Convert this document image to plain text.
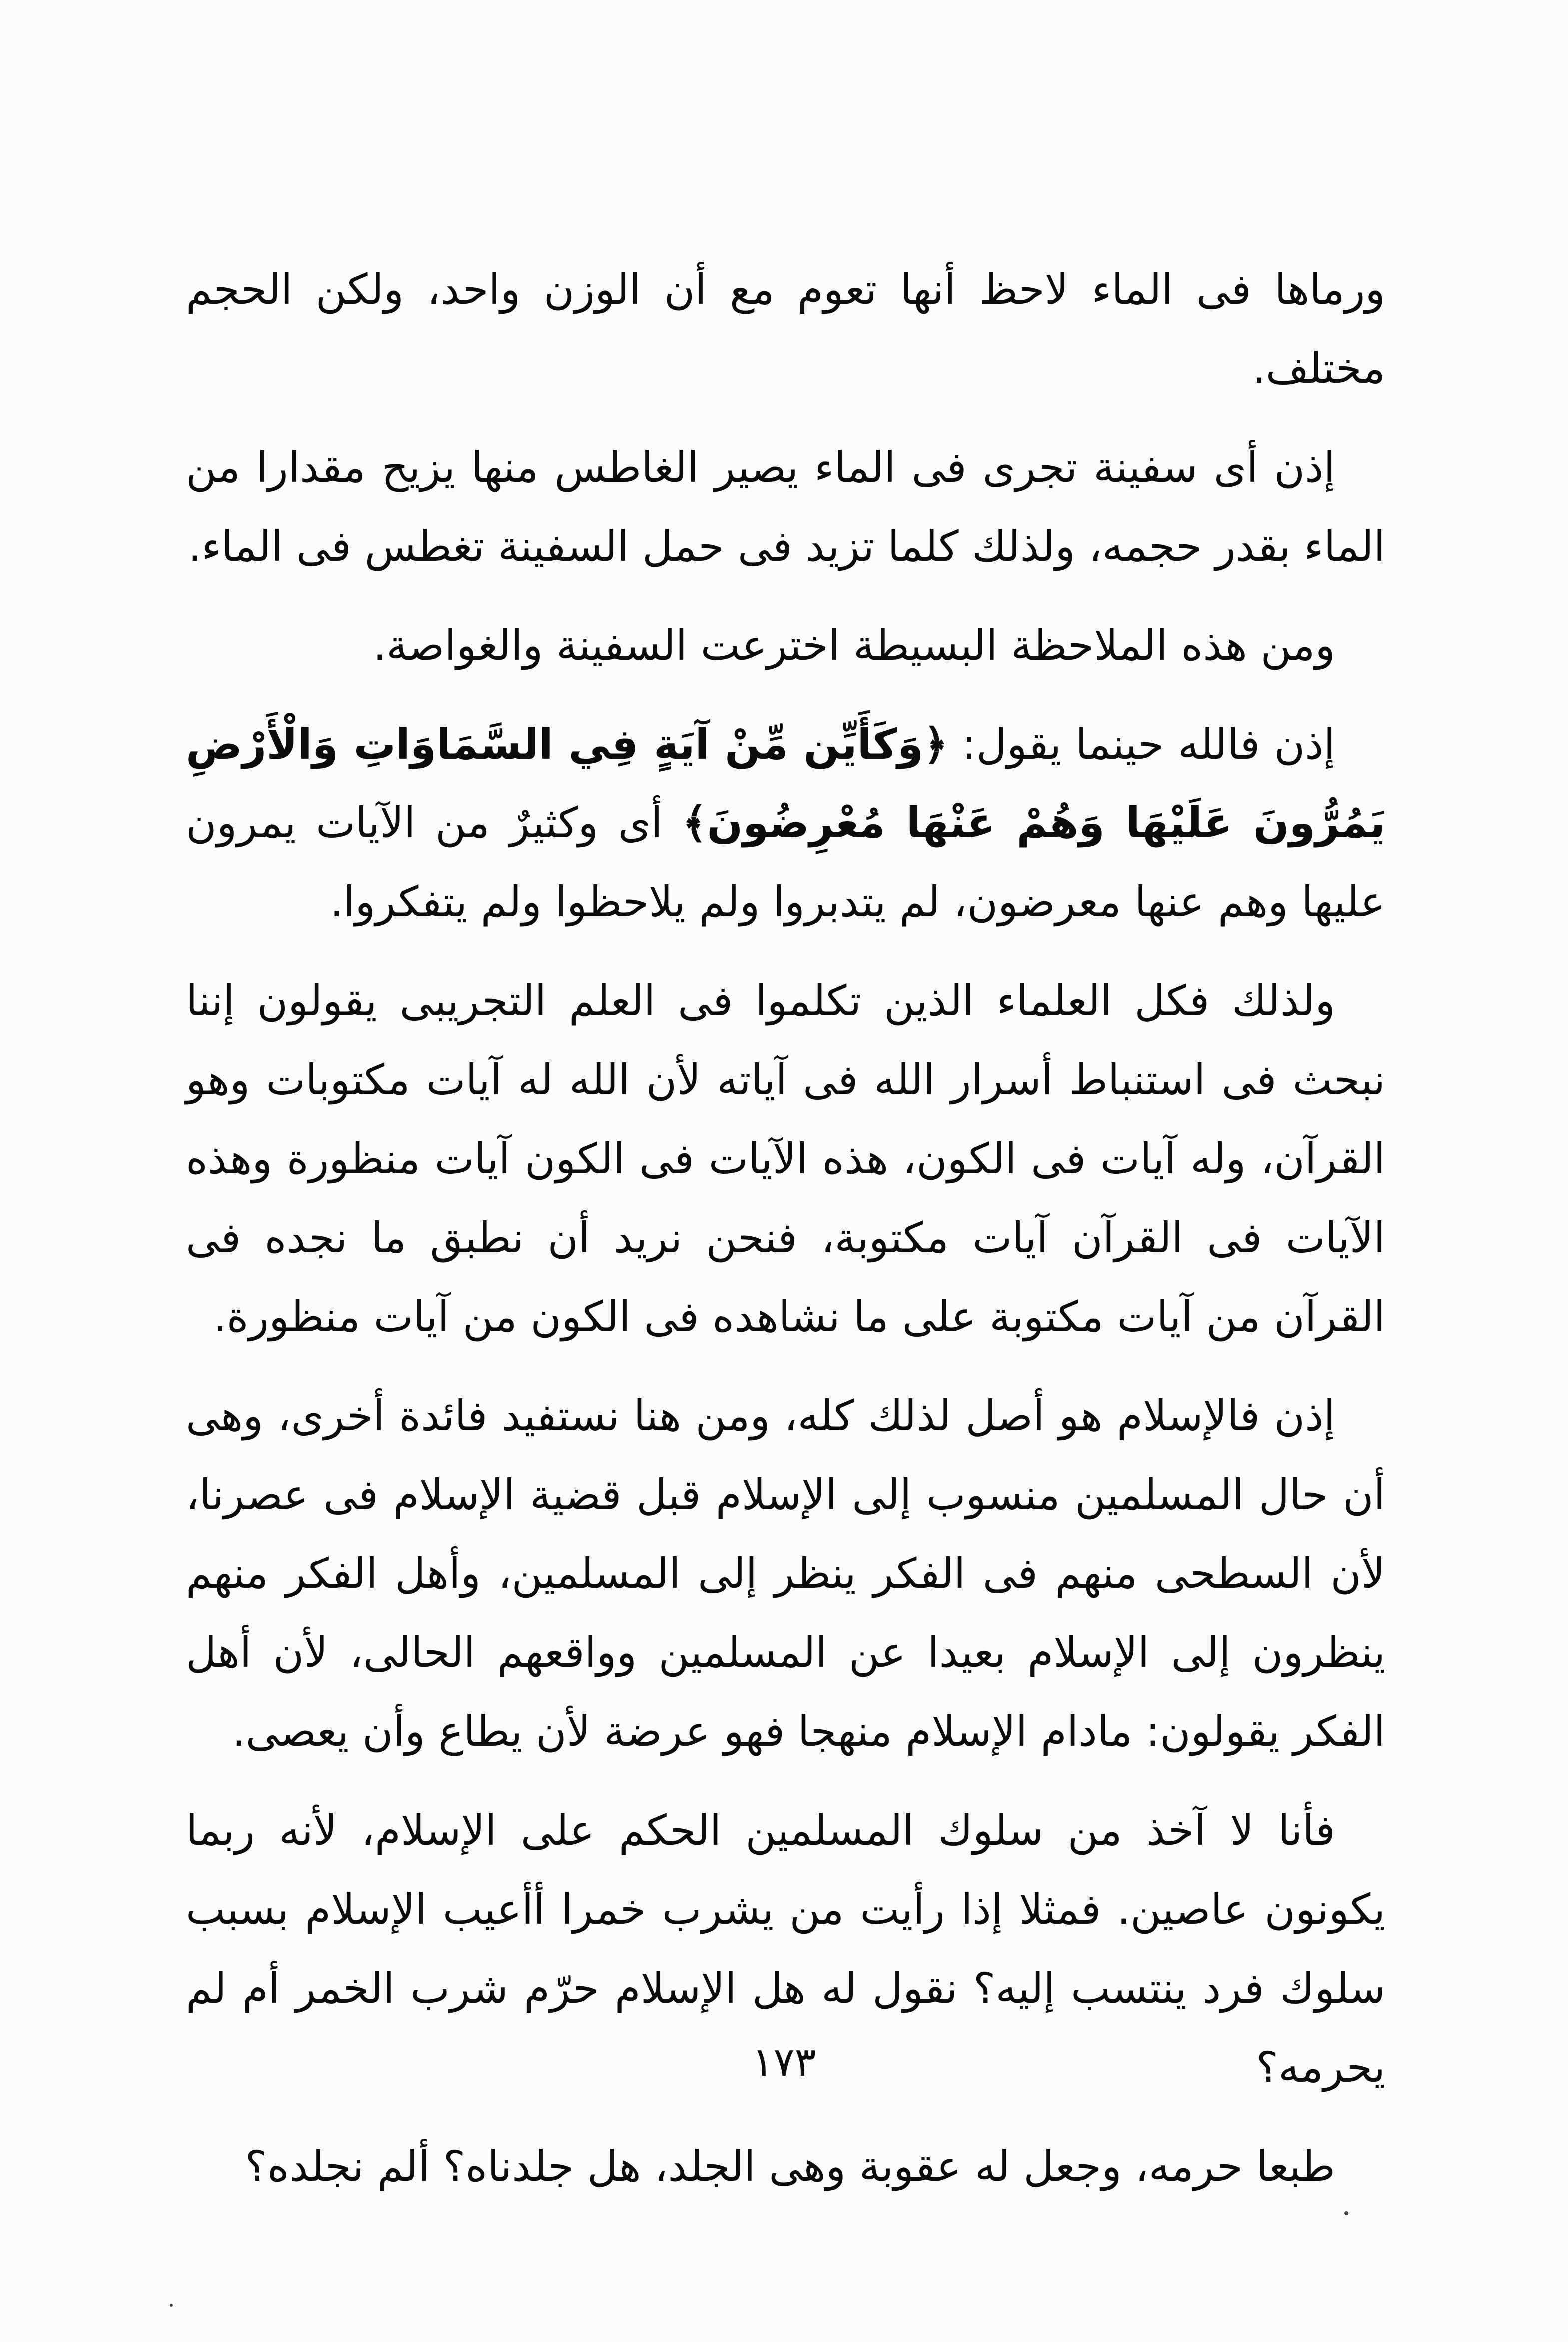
ورماها فى الماء لاحظ أنها تعوم مع أن الوزن واحد، ولكن الحجم مختلف.

إذن أى سفينة تجرى فى الماء يصير الغاطس منها يزيح مقدارا من الماء بقدر حجمه، ولذلك كلما تزيد فى حمل السفينة تغطس فى الماء.

ومن هذه الملاحظة البسيطة اخترعت السفينة والغواصة.

إذن فالله حينما يقول: ﴿وَكَأَيِّن مِّنْ آيَةٍ فِي السَّمَاوَاتِ وَالْأَرْضِ يَمُرُّونَ عَلَيْهَا وَهُمْ عَنْهَا مُعْرِضُونَ﴾ أى وكثيرٌ من الآيات يمرون عليها وهم عنها معرضون، لم يتدبروا ولم يلاحظوا ولم يتفكروا.

ولذلك فكل العلماء الذين تكلموا فى العلم التجريبى يقولون إننا نبحث فى استنباط أسرار الله فى آياته لأن الله له آيات مكتوبات وهو القرآن، وله آيات فى الكون، هذه الآيات فى الكون آيات منظورة وهذه الآيات فى القرآن آيات مكتوبة، فنحن نريد أن نطبق ما نجده فى القرآن من آيات مكتوبة على ما نشاهده فى الكون من آيات منظورة.

إذن فالإسلام هو أصل لذلك كله، ومن هنا نستفيد فائدة أخرى، وهى أن حال المسلمين منسوب إلى الإسلام قبل قضية الإسلام فى عصرنا، لأن السطحى منهم فى الفكر ينظر إلى المسلمين، وأهل الفكر منهم ينظرون إلى الإسلام بعيدا عن المسلمين وواقعهم الحالى، لأن أهل الفكر يقولون: مادام الإسلام منهجا فهو عرضة لأن يطاع وأن يعصى.

فأنا لا آخذ من سلوك المسلمين الحكم على الإسلام، لأنه ربما يكونون عاصين. فمثلا إذا رأيت من يشرب خمرا أأعيب الإسلام بسبب سلوك فرد ينتسب إليه؟ نقول له هل الإسلام حرّم شرب الخمر أم لم يحرمه؟

طبعا حرمه، وجعل له عقوبة وهى الجلد، هل جلدناه؟ ألم نجلده؟

١٧٣
